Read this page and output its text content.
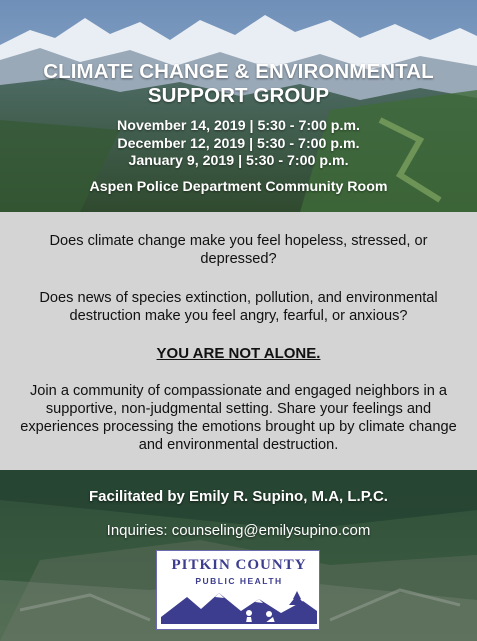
CLIMATE CHANGE & ENVIRONMENTAL
SUPPORT GROUP
November 14, 2019 | 5:30 - 7:00 p.m.
December 12, 2019 | 5:30 - 7:00 p.m.
January 9, 2019 | 5:30 - 7:00 p.m.
Aspen Police Department Community Room

Does climate change make you feel hopeless, stressed, or depressed?

Does news of species extinction, pollution, and environmental destruction make you feel angry, fearful, or anxious?

YOU ARE NOT ALONE.

Join a community of compassionate and engaged neighbors in a supportive, non-judgmental setting. Share your feelings and experiences processing the emotions brought up by climate change and environmental destruction.

Facilitated by Emily R. Supino, M.A, L.P.C.
Inquiries: counseling@emilysupino.com
PITKIN COUNTY
PUBLIC HEALTH
